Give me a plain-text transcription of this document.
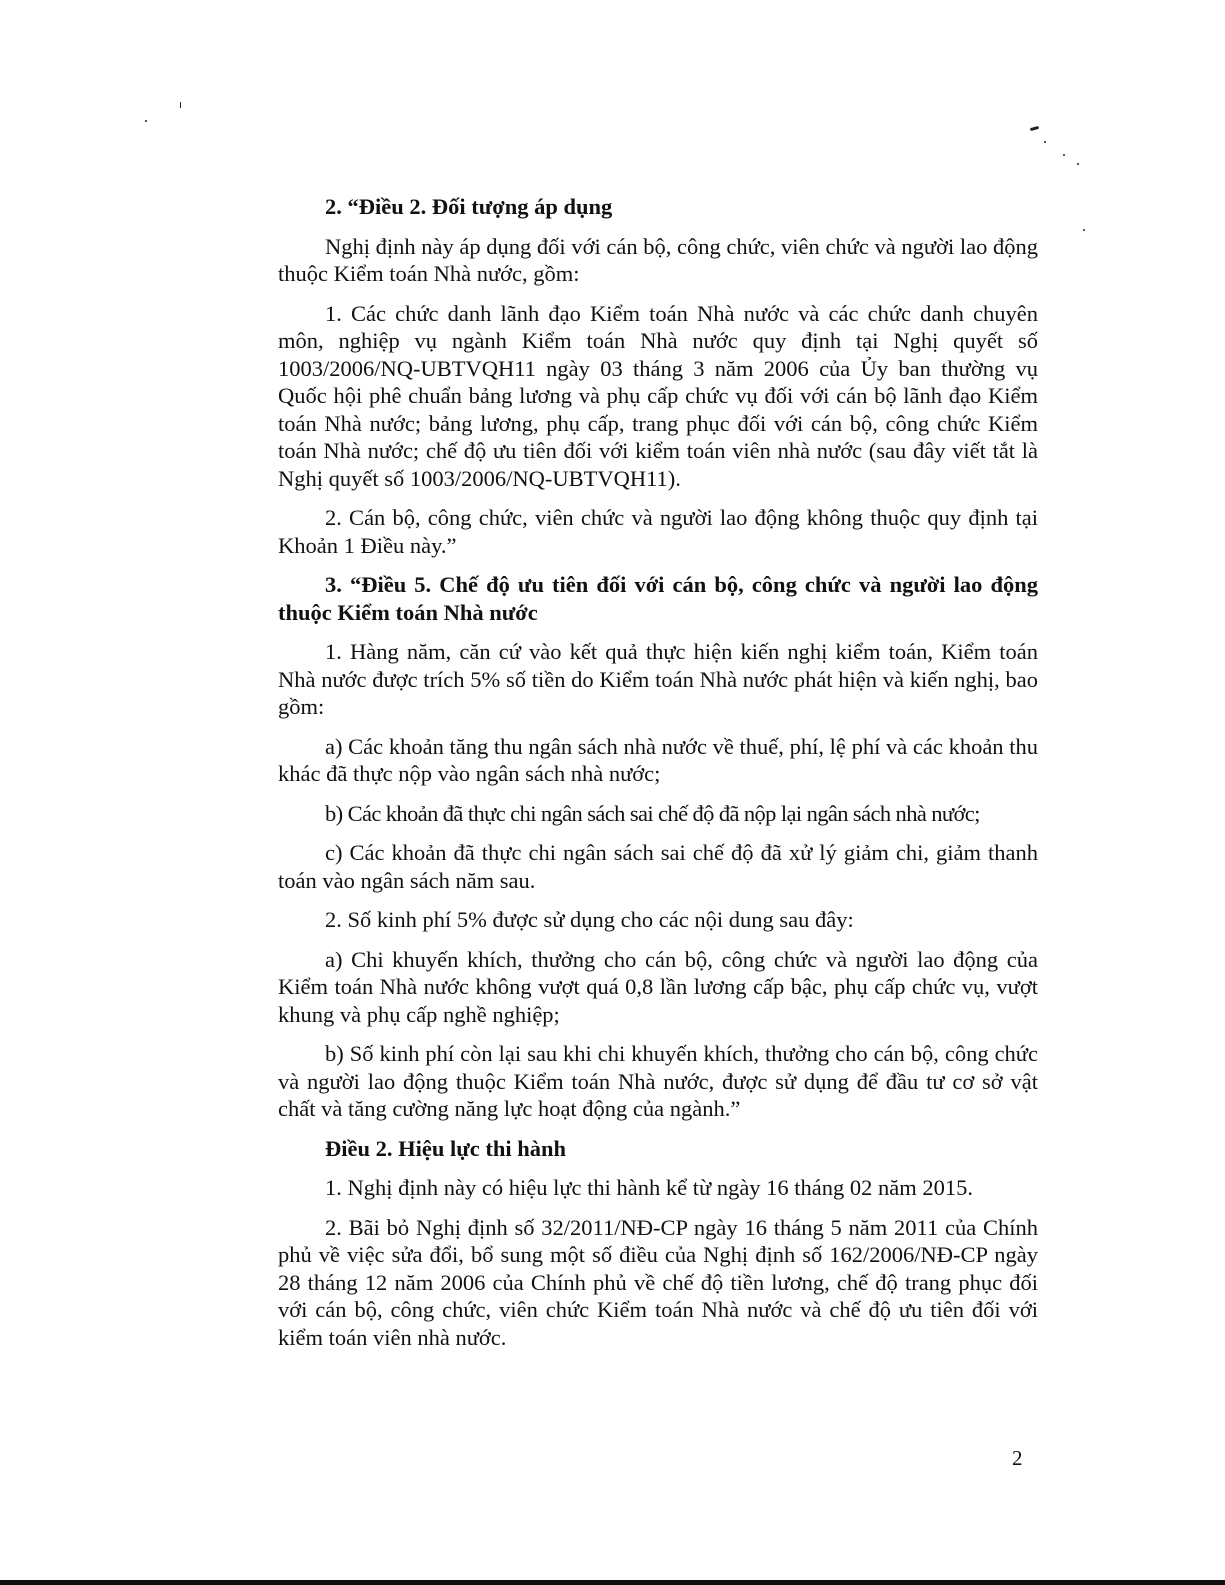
2. “Điều 2. Đối tượng áp dụng

Nghị định này áp dụng đối với cán bộ, công chức, viên chức và người lao động thuộc Kiểm toán Nhà nước, gồm:

1. Các chức danh lãnh đạo Kiểm toán Nhà nước và các chức danh chuyên môn, nghiệp vụ ngành Kiểm toán Nhà nước quy định tại Nghị quyết số 1003/2006/NQ-UBTVQH11 ngày 03 tháng 3 năm 2006 của Ủy ban thường vụ Quốc hội phê chuẩn bảng lương và phụ cấp chức vụ đối với cán bộ lãnh đạo Kiểm toán Nhà nước; bảng lương, phụ cấp, trang phục đối với cán bộ, công chức Kiểm toán Nhà nước; chế độ ưu tiên đối với kiểm toán viên nhà nước (sau đây viết tắt là Nghị quyết số 1003/2006/NQ-UBTVQH11).

2. Cán bộ, công chức, viên chức và người lao động không thuộc quy định tại Khoản 1 Điều này.”

3. “Điều 5. Chế độ ưu tiên đối với cán bộ, công chức và người lao động thuộc Kiểm toán Nhà nước

1. Hàng năm, căn cứ vào kết quả thực hiện kiến nghị kiểm toán, Kiểm toán Nhà nước được trích 5% số tiền do Kiểm toán Nhà nước phát hiện và kiến nghị, bao gồm:

a) Các khoản tăng thu ngân sách nhà nước về thuế, phí, lệ phí và các khoản thu khác đã thực nộp vào ngân sách nhà nước;

b) Các khoản đã thực chi ngân sách sai chế độ đã nộp lại ngân sách nhà nước;

c) Các khoản đã thực chi ngân sách sai chế độ đã xử lý giảm chi, giảm thanh toán vào ngân sách năm sau.

2. Số kinh phí 5% được sử dụng cho các nội dung sau đây:

a) Chi khuyến khích, thưởng cho cán bộ, công chức và người lao động của Kiểm toán Nhà nước không vượt quá 0,8 lần lương cấp bậc, phụ cấp chức vụ, vượt khung và phụ cấp nghề nghiệp;

b) Số kinh phí còn lại sau khi chi khuyến khích, thưởng cho cán bộ, công chức và người lao động thuộc Kiểm toán Nhà nước, được sử dụng để đầu tư cơ sở vật chất và tăng cường năng lực hoạt động của ngành.”

Điều 2. Hiệu lực thi hành

1. Nghị định này có hiệu lực thi hành kể từ ngày 16 tháng 02 năm 2015.

2. Bãi bỏ Nghị định số 32/2011/NĐ-CP ngày 16 tháng 5 năm 2011 của Chính phủ về việc sửa đổi, bổ sung một số điều của Nghị định số 162/2006/NĐ-CP ngày 28 tháng 12 năm 2006 của Chính phủ về chế độ tiền lương, chế độ trang phục đối với cán bộ, công chức, viên chức Kiểm toán Nhà nước và chế độ ưu tiên đối với kiểm toán viên nhà nước.

2
